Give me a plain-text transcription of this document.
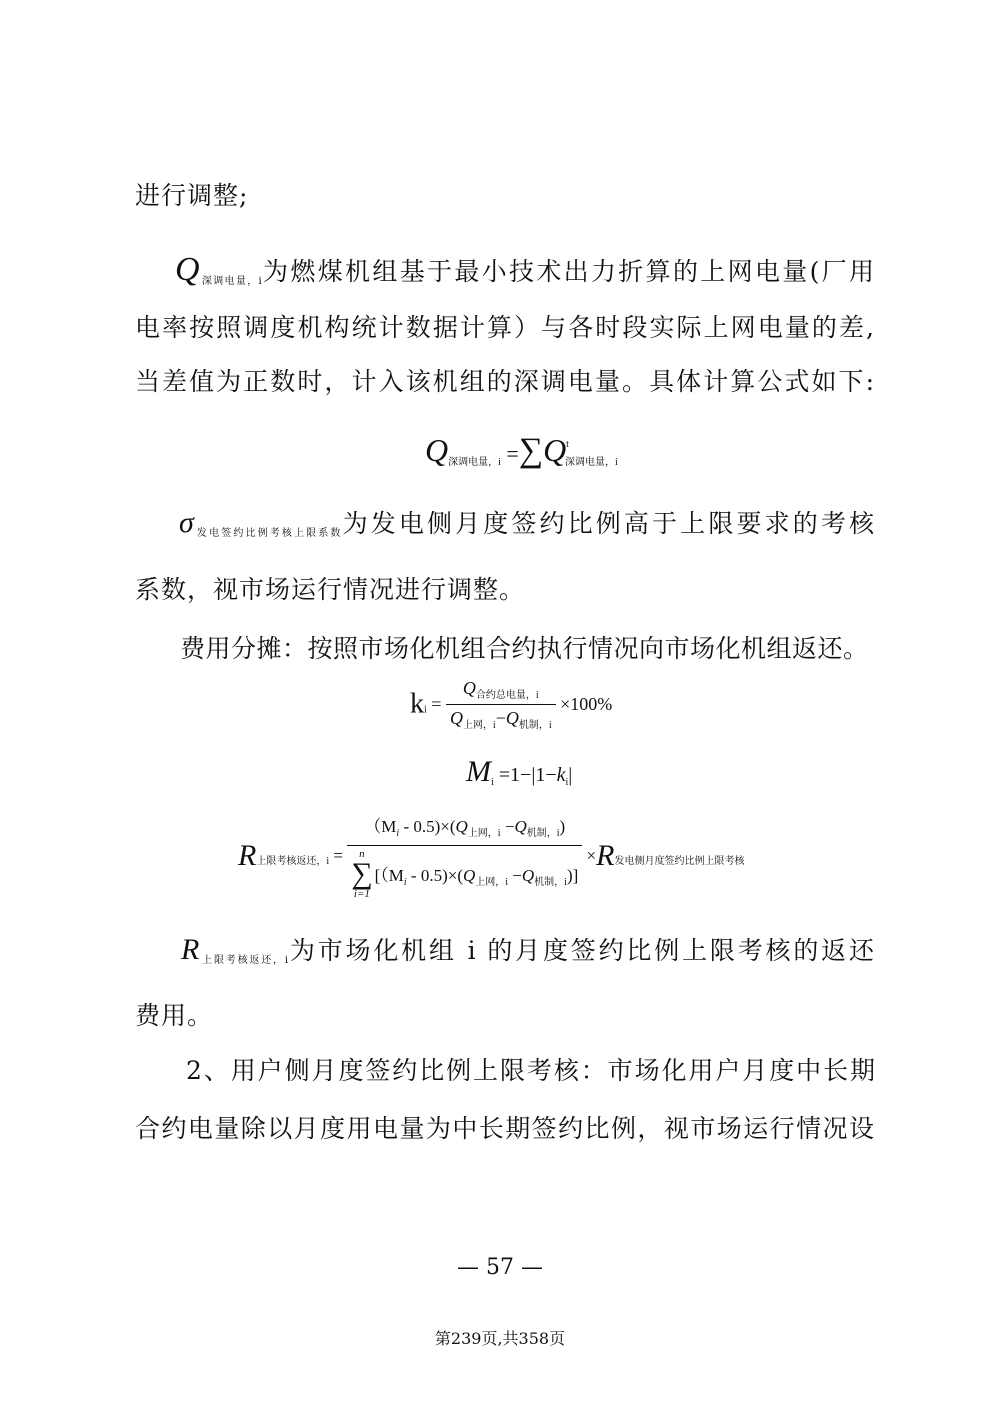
进行调整;
$Q_{深调电量,i}$为燃煤机组基于最小技术出力折算的上网电量(厂用
电率按照调度机构统计数据计算）与各时段实际上网电量的差,
当差值为正数时，计入该机组的深调电量。具体计算公式如下:
$Q_{深调电量,i} =\sum Q^t_{深调电量,i}$
$\sigma_{发电签约比例考核上限系数}$为发电侧月度签约比例高于上限要求的考核
系数，视市场运行情况进行调整。
费用分摊：按照市场化机组合约执行情况向市场化机组返还。
$k_i = \frac{Q_{合约总电量,i}}{Q_{上网,i}-Q_{机制,i}} \times 100\%$
$M_i =1-|1-k_i|$
$R_{上限考核返还,i}$ =
$(M_i - 0.5)\times(Q_{上网,i} -Q_{机制,i})$
n
∑
$i=1[(M_i - 0.5)\times(Q_{上网,i} -Q_{机制,i})]$
$\times R_{发电侧月度签约比例上限考核}$
$R_{上限考核返还,i}$为市场化机组 i 的月度签约比例上限考核的返还
费用。
2、用户侧月度签约比例上限考核：市场化用户月度中长期
合约电量除以月度用电量为中长期签约比例，视市场运行情况设
— 57 —
第239页,共358页
